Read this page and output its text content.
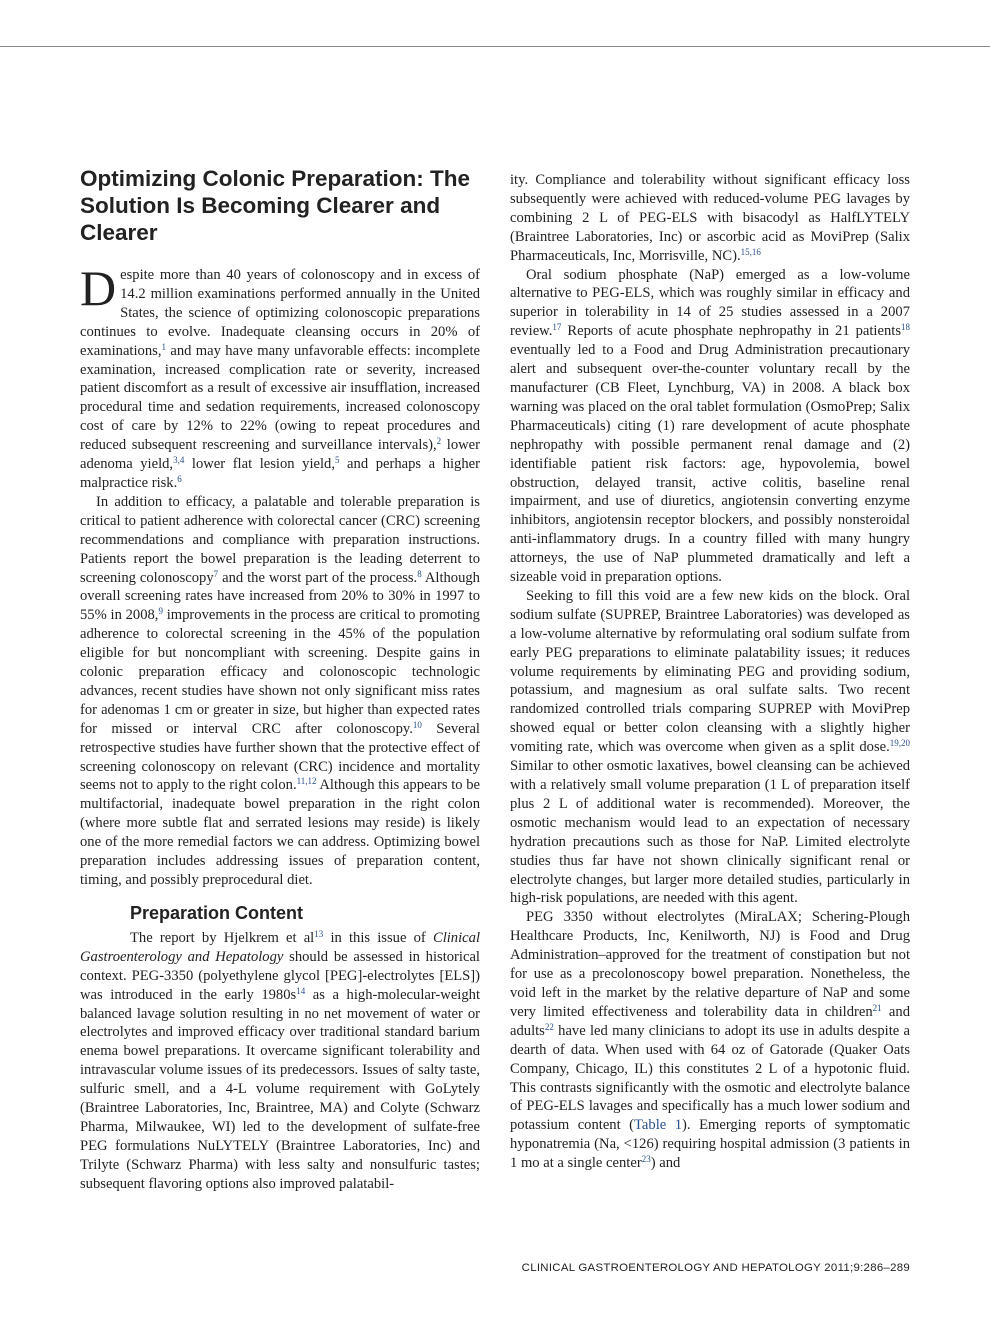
Optimizing Colonic Preparation: The Solution Is Becoming Clearer and Clearer

Despite more than 40 years of colonoscopy and in excess of 14.2 million examinations performed annually in the United States, the science of optimizing colonoscopic preparations continues to evolve. Inadequate cleansing occurs in 20% of examinations,$^1$ and may have many unfavorable effects: incomplete examination, increased complication rate or severity, increased patient discomfort as a result of excessive air insufflation, increased procedural time and sedation requirements, increased colonoscopy cost of care by 12% to 22% (owing to repeat procedures and reduced subsequent rescreening and surveillance intervals),$^2$ lower adenoma yield,$^{3,4}$ lower flat lesion yield,$^5$ and perhaps a higher malpractice risk.$^6$

In addition to efficacy, a palatable and tolerable preparation is critical to patient adherence with colorectal cancer (CRC) screening recommendations and compliance with preparation instructions. Patients report the bowel preparation is the leading deterrent to screening colonoscopy$^7$ and the worst part of the process.$^8$ Although overall screening rates have increased from 20% to 30% in 1997 to 55% in 2008,$^9$ improvements in the process are critical to promoting adherence to colorectal screening in the 45% of the population eligible for but noncompliant with screening. Despite gains in colonic preparation efficacy and colonoscopic technologic advances, recent studies have shown not only significant miss rates for adenomas 1 cm or greater in size, but higher than expected rates for missed or interval CRC after colonoscopy.$^{10}$ Several retrospective studies have further shown that the protective effect of screening colonoscopy on relevant (CRC) incidence and mortality seems not to apply to the right colon.$^{11,12}$ Although this appears to be multifactorial, inadequate bowel preparation in the right colon (where more subtle flat and serrated lesions may reside) is likely one of the more remedial factors we can address. Optimizing bowel preparation includes addressing issues of preparation content, timing, and possibly preprocedural diet.

Preparation Content

The report by Hjelkrem et $al^{13}$ in this issue of Clinical Gastroenterology and Hepatology should be assessed in historical context. PEG-3350 (polyethylene glycol [PEG]-electrolytes [ELS]) was introduced in the early $1980s^{14}$ as a high-molecular-weight balanced lavage solution resulting in no net movement of water or electrolytes and improved efficacy over traditional standard barium enema bowel preparations. It overcame significant tolerability and intravascular volume issues of its predecessors. Issues of salty taste, sulfuric smell, and a 4-L volume requirement with GoLytely (Braintree Laboratories, Inc, Braintree, MA) and Colyte (Schwarz Pharma, Milwaukee, WI) led to the development of sulfate-free PEG formulations NuLYTELY (Braintree Laboratories, Inc) and Trilyte (Schwarz Pharma) with less salty and nonsulfuric tastes; subsequent flavoring options also improved palatabil-

ity. Compliance and tolerability without significant efficacy loss subsequently were achieved with reduced-volume PEG lavages by combining 2 L of PEG-ELS with bisacodyl as HalfLYTELY (Braintree Laboratories, Inc) or ascorbic acid as MoviPrep (Salix Pharmaceuticals, Inc, Morrisville, NC).$^{15,16}$

Oral sodium phosphate (NaP) emerged as a low-volume alternative to PEG-ELS, which was roughly similar in efficacy and superior in tolerability in 14 of 25 studies assessed in a 2007 review.$^{17}$ Reports of acute phosphate nephropathy in 21 patients$^{18}$ eventually led to a Food and Drug Administration precautionary alert and subsequent over-the-counter voluntary recall by the manufacturer (CB Fleet, Lynchburg, VA) in 2008. A black box warning was placed on the oral tablet formulation (OsmoPrep; Salix Pharmaceuticals) citing (1) rare development of acute phosphate nephropathy with possible permanent renal damage and (2) identifiable patient risk factors: age, hypovolemia, bowel obstruction, delayed transit, active colitis, baseline renal impairment, and use of diuretics, angiotensin converting enzyme inhibitors, angiotensin receptor blockers, and possibly nonsteroidal anti-inflammatory drugs. In a country filled with many hungry attorneys, the use of NaP plummeted dramatically and left a sizeable void in preparation options.

Seeking to fill this void are a few new kids on the block. Oral sodium sulfate (SUPREP, Braintree Laboratories) was developed as a low-volume alternative by reformulating oral sodium sulfate from early PEG preparations to eliminate palatability issues; it reduces volume requirements by eliminating PEG and providing sodium, potassium, and magnesium as oral sulfate salts. Two recent randomized controlled trials comparing SUPREP with MoviPrep showed equal or better colon cleansing with a slightly higher vomiting rate, which was overcome when given as a split dose.$^{19,20}$ Similar to other osmotic laxatives, bowel cleansing can be achieved with a relatively small volume preparation (1 L of preparation itself plus 2 L of additional water is recommended). Moreover, the osmotic mechanism would lead to an expectation of necessary hydration precautions such as those for NaP. Limited electrolyte studies thus far have not shown clinically significant renal or electrolyte changes, but larger more detailed studies, particularly in high-risk populations, are needed with this agent.

PEG 3350 without electrolytes (MiraLAX; Schering-Plough Healthcare Products, Inc, Kenilworth, NJ) is Food and Drug Administration–approved for the treatment of constipation but not for use as a precolonoscopy bowel preparation. Nonetheless, the void left in the market by the relative departure of NaP and some very limited effectiveness and tolerability data in children$^{21}$ and adults$^{22}$ have led many clinicians to adopt its use in adults despite a dearth of data. When used with 64 oz of Gatorade (Quaker Oats Company, Chicago, IL) this constitutes 2 L of a hypotonic fluid. This contrasts significantly with the osmotic and electrolyte balance of PEG-ELS lavages and specifically has a much lower sodium and potassium content (Table 1). Emerging reports of symptomatic hyponatremia (Na, <126) requiring hospital admission (3 patients in 1 mo at a single center$^{23}$) and

CLINICAL GASTROENTEROLOGY AND HEPATOLOGY 2011;9:286–289
